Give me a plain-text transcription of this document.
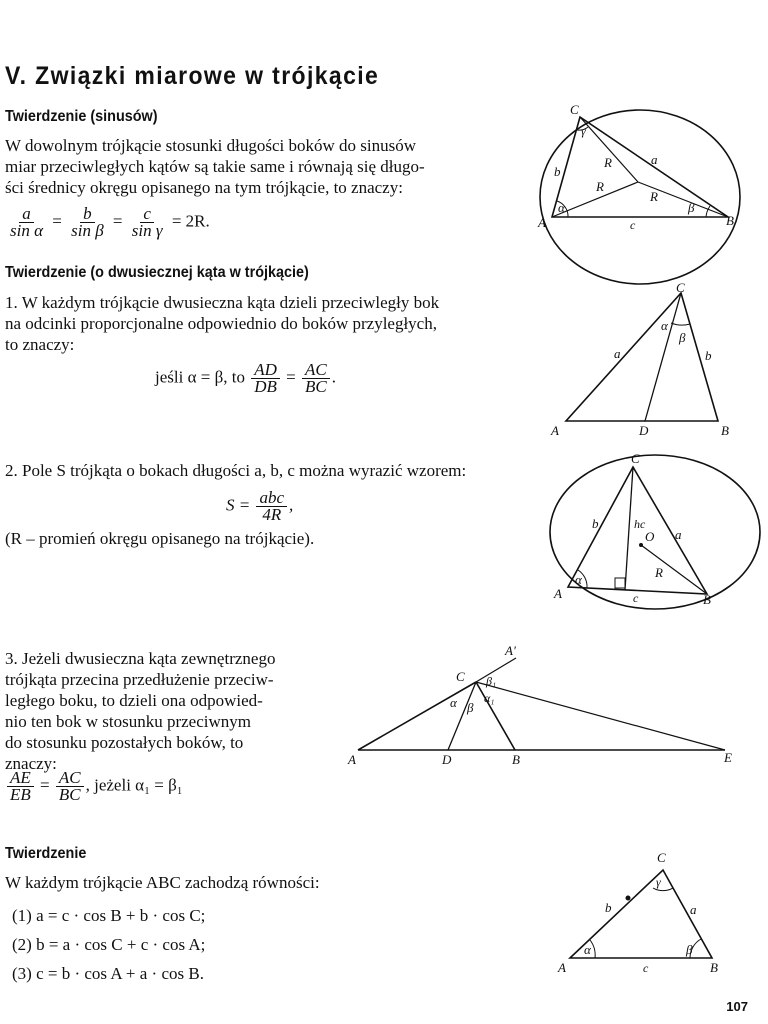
V. Związki miarowe w trójkącie
Twierdzenie (sinusów)
W dowolnym trójkącie stosunki długości boków do sinusów
miar przeciwległych kątów są takie same i równają się długo-
ści średnicy okręgu opisanego na tym trójkącie, to znaczy:
$\frac{a}{\text{sin α}} = \frac{b}{\text{sin β}} = \frac{c}{\text{sin γ}} = 2R$.
C
A	B
a
b
c
R
R
R
α	β
γ
Twierdzenie (o dwusiecznej kąta w trójkącie)
1. W każdym trójkącie dwusieczna kąta dzieli przeciwległy bok
na odcinki proporcjonalne odpowiednio do boków przyległych,
to znaczy:
jeśli α = β, to $\frac{AD}{DB} = \frac{AC}{BC}$ .
C
A	D	B
a	b
α
β
2. Pole S trójkąta o bokach długości a, b, c można wyrazić wzorem:
$S = \frac{\text{abc}}{4R}$ ,
(R – promień okręgu opisanego na trójkącie).
C
A	B
O
b
a
c
hc
R
α
3. Jeżeli dwusieczna kąta zewnętrznego
trójkąta przecina przedłużenie przeciw-
ległego boku, to dzieli ona odpowied-
nio ten bok w stosunku przeciwnym
do stosunku pozostałych boków, to
znaczy:
$\frac{AE}{EB} = \frac{AC}{BC}$ , jeżeli α₁ = β₁
A	D	B	E
C
A'
α β
α₁
β₁
Twierdzenie
W każdym trójkącie ABC zachodzą równości:
(1) a = c · cos B + b · cos C;
(2) b = a · cos C + c · cos A;
(3) c = b · cos A + a · cos B.
C
A	B
a
b
c
α	β
γ
107
